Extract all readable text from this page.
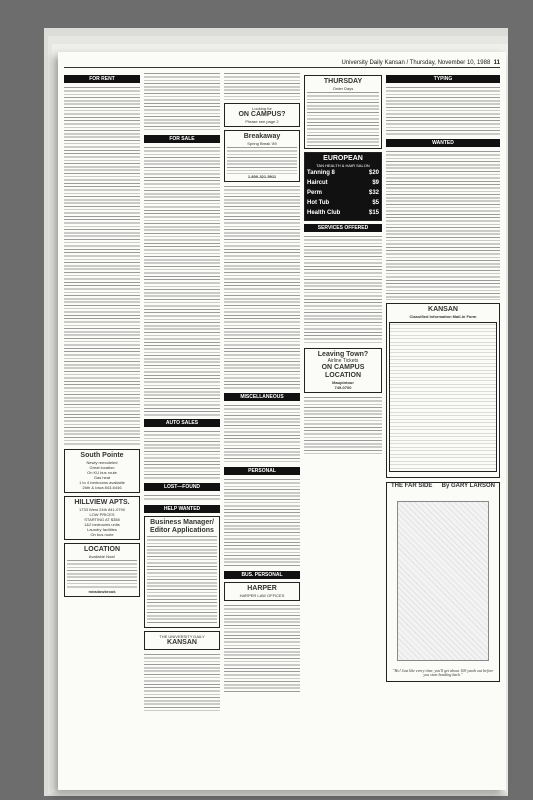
University Daily Kansan / Thursday, November 10, 1988 11
FOR RENT
South Pointe

Newly remodeled

Great location

On KU bus route

Gas heat

1 to 4 bedrooms available

26th & Iowa 843-6446

HILLVIEW APTS.

1733 West 24th 841-0790

LOW PRICES

STARTING AT $358

1&2 bedrooms units

Laundry facilities

On bus route

LOCATION

Available Now!

meadowbrook

FOR SALE
AUTO SALES
LOST—FOUND
HELP WANTED
Business Manager/ Editor Applications

THE UNIVERSITY DAILY

KANSAN

Looking for

ON CAMPUS?

Please see page 2

Breakaway

Spring Break '89

1-800-321-5911

MISCELLANEOUS
PERSONAL
BUS. PERSONAL
HARPER

HARPER LAW OFFICES

THURSDAY

Order Days

EUROPEAN

TAN HEALTH & HAIR SALON

Tanning 8	$20
Haircut	$9
Perm	$32
Hot Tub	$5
Health Club	$15
SERVICES OFFERED
Leaving Town?

Airline Tickets

ON CAMPUS LOCATION

Maupintour

749-0700

TYPING
WANTED
KANSAN

Classified Information Mail-In Form

THE FAR SIDE By GARY LARSON
"Ho! Just like every time, you'll get about 100 yards out before you start heading back."
